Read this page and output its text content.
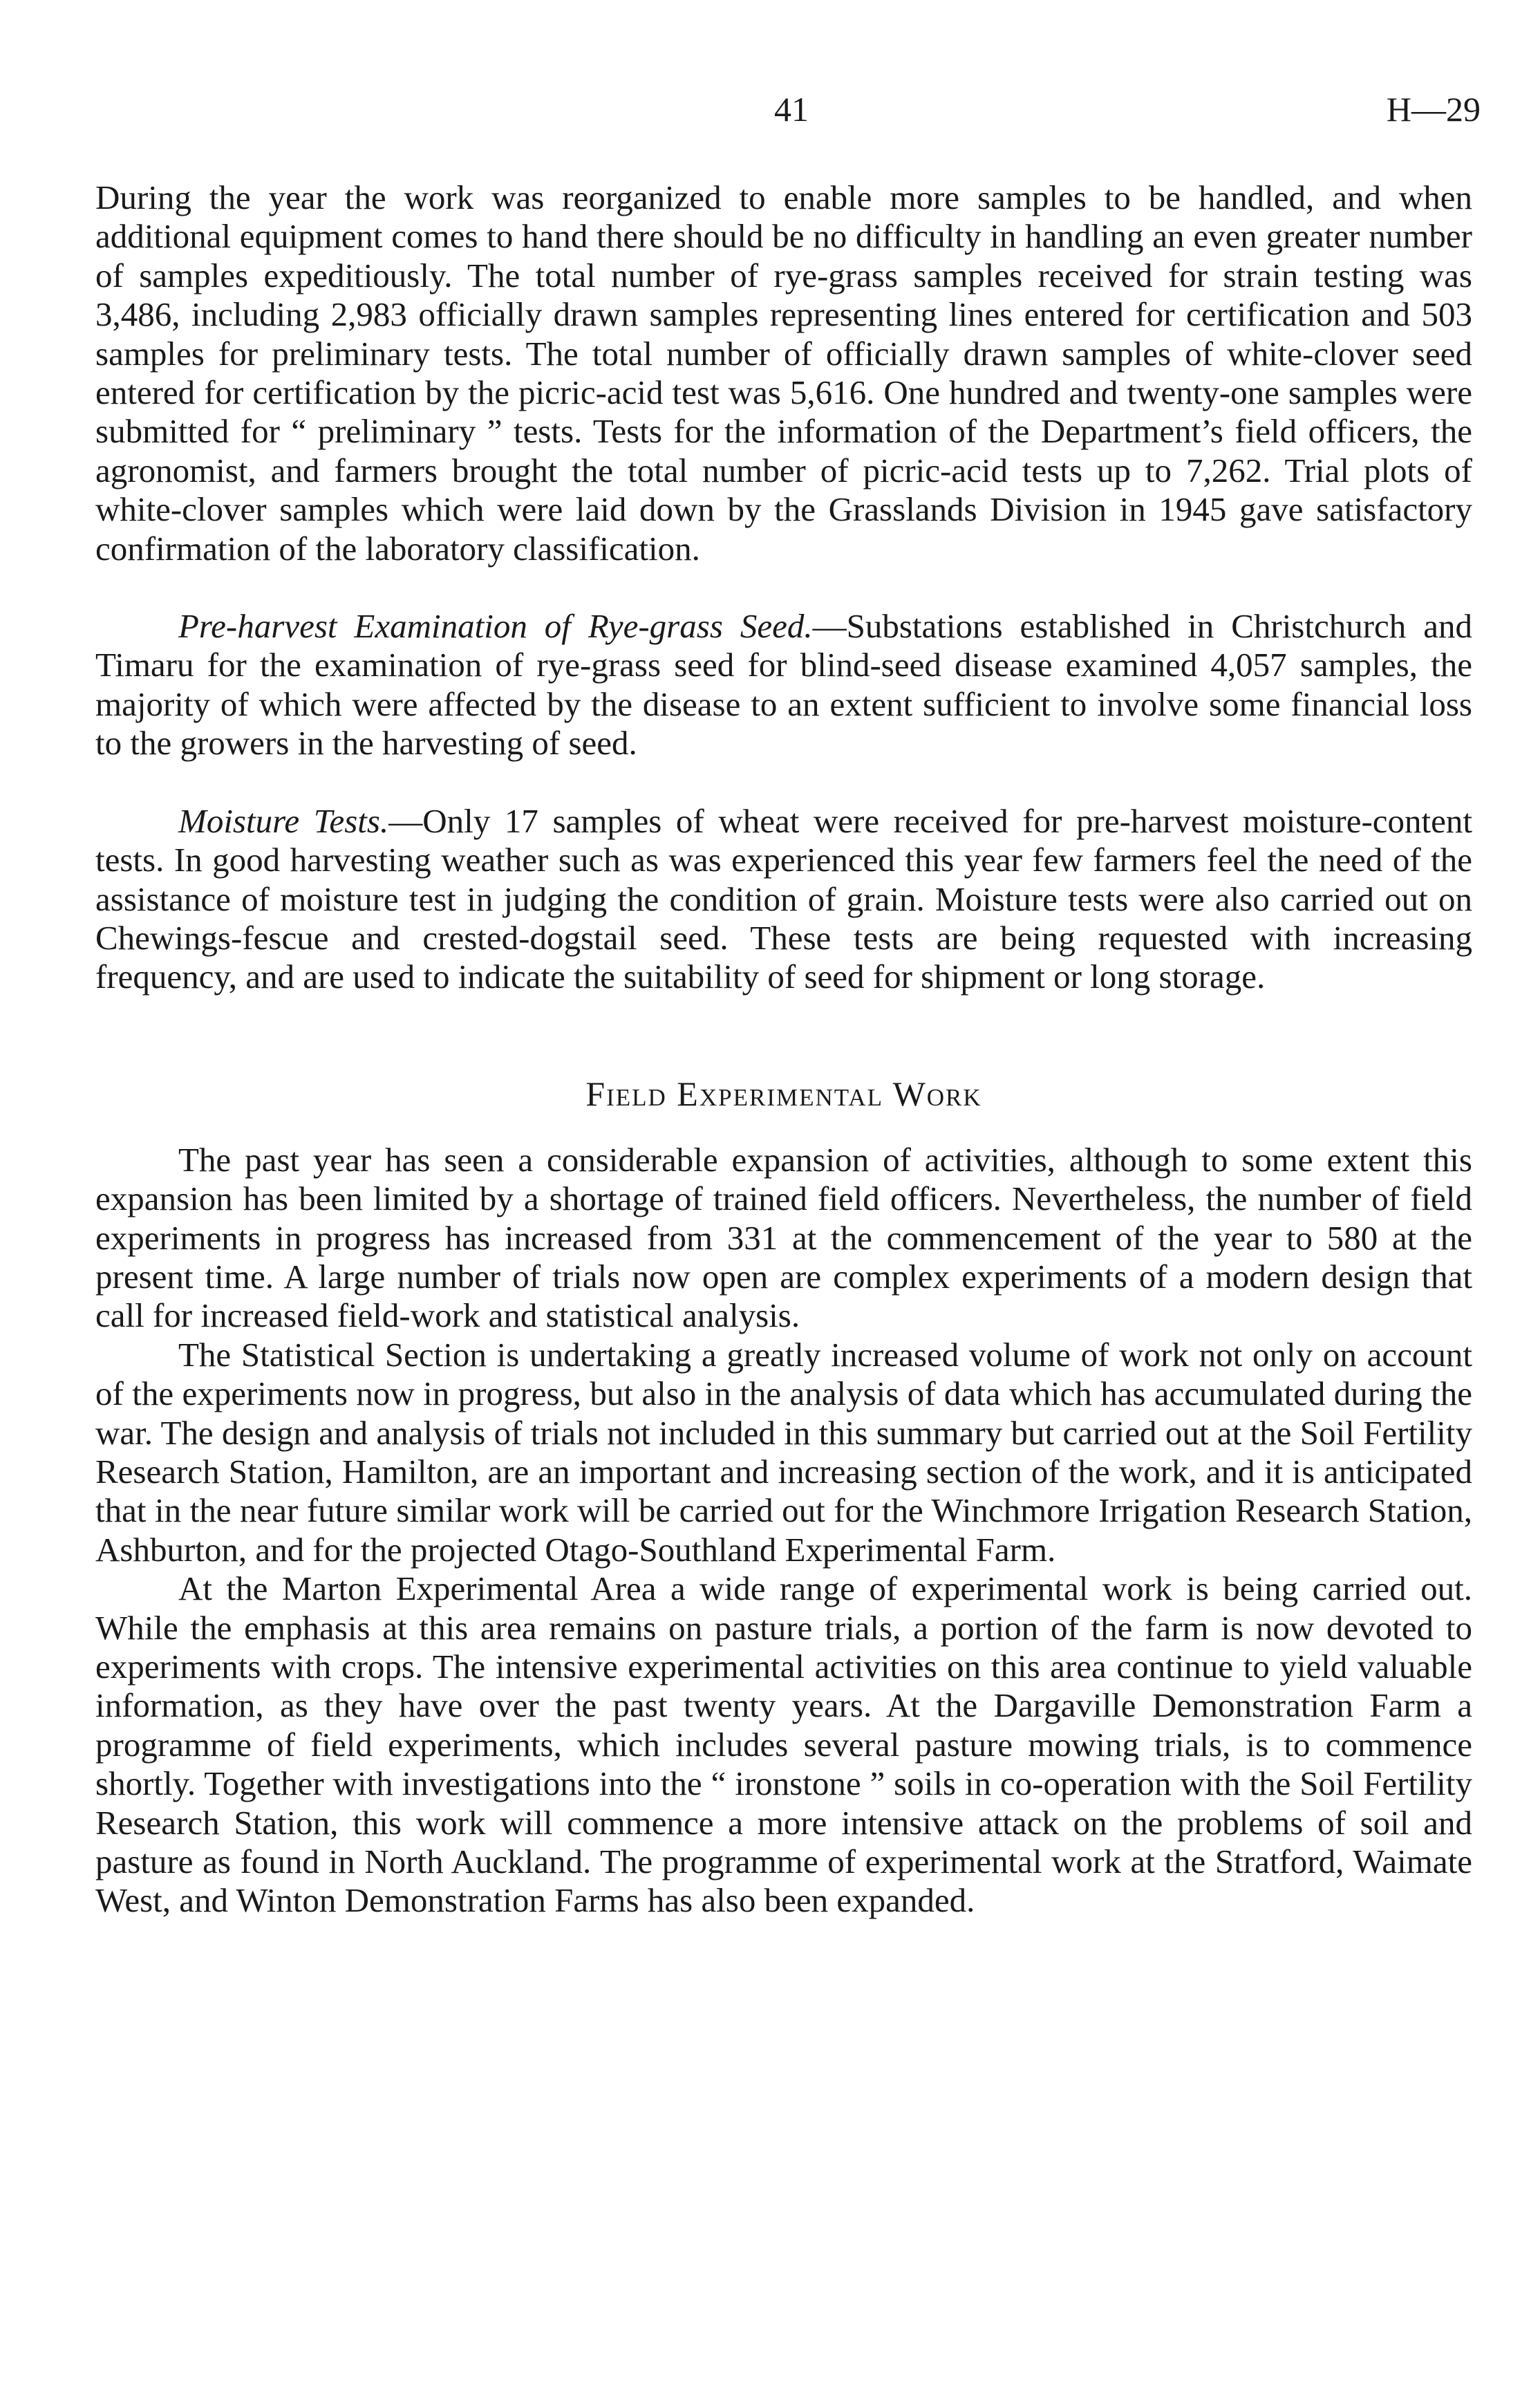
41	H—29

During the year the work was reorganized to enable more samples to be handled, and when additional equipment comes to hand there should be no difficulty in handling an even greater number of samples expeditiously. The total number of rye-grass samples received for strain testing was 3,486, including 2,983 officially drawn samples representing lines entered for certification and 503 samples for preliminary tests. The total number of officially drawn samples of white-clover seed entered for certification by the picric-acid test was 5,616. One hundred and twenty-one samples were submitted for “ preliminary ” tests. Tests for the information of the Department’s field officers, the agronomist, and farmers brought the total number of picric-acid tests up to 7,262. Trial plots of white-clover samples which were laid down by the Grasslands Division in 1945 gave satisfactory confirmation of the laboratory classification.

Pre-harvest Examination of Rye-grass Seed.—Substations established in Christchurch and Timaru for the examination of rye-grass seed for blind-seed disease examined 4,057 samples, the majority of which were affected by the disease to an extent sufficient to involve some financial loss to the growers in the harvesting of seed.

Moisture Tests.—Only 17 samples of wheat were received for pre-harvest moisture-content tests. In good harvesting weather such as was experienced this year few farmers feel the need of the assistance of moisture test in judging the condition of grain. Moisture tests were also carried out on Chewings-fescue and crested-dogstail seed. These tests are being requested with increasing frequency, and are used to indicate the suitability of seed for shipment or long storage.

Field Experimental Work

The past year has seen a considerable expansion of activities, although to some extent this expansion has been limited by a shortage of trained field officers. Nevertheless, the number of field experiments in progress has increased from 331 at the commencement of the year to 580 at the present time. A large number of trials now open are complex experiments of a modern design that call for increased field-work and statistical analysis.

The Statistical Section is undertaking a greatly increased volume of work not only on account of the experiments now in progress, but also in the analysis of data which has accumulated during the war. The design and analysis of trials not included in this summary but carried out at the Soil Fertility Research Station, Hamilton, are an important and increasing section of the work, and it is anticipated that in the near future similar work will be carried out for the Winchmore Irrigation Research Station, Ashburton, and for the projected Otago-Southland Experimental Farm.

At the Marton Experimental Area a wide range of experimental work is being carried out. While the emphasis at this area remains on pasture trials, a portion of the farm is now devoted to experiments with crops. The intensive experimental activities on this area continue to yield valuable information, as they have over the past twenty years. At the Dargaville Demonstration Farm a programme of field experiments, which includes several pasture mowing trials, is to commence shortly. Together with investigations into the “ ironstone ” soils in co-operation with the Soil Fertility Research Station, this work will commence a more intensive attack on the problems of soil and pasture as found in North Auckland. The programme of experimental work at the Stratford, Waimate West, and Winton Demonstration Farms has also been expanded.
